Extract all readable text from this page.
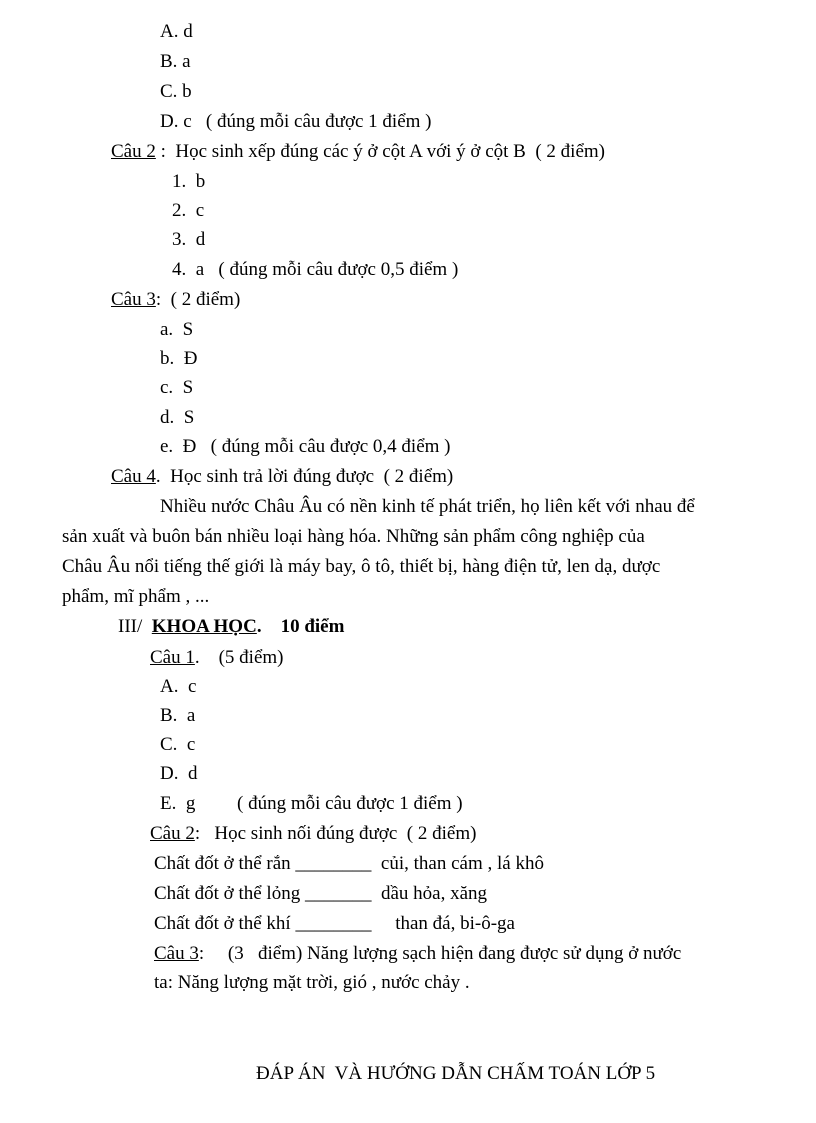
A. d
B. a
C. b
D. c   ( đúng mỗi câu được 1 điểm )
Câu 2 :  Học sinh xếp đúng các ý ở cột A với ý ở cột B  ( 2 điểm)
1.  b
2.  c
3.  d
4.  a   ( đúng mỗi câu được 0,5 điểm )
Câu 3:  ( 2 điểm)
a.  S
b.  Đ
c.  S
d.  S
e.  Đ   ( đúng mỗi câu được 0,4 điểm )
Câu 4.  Học sinh trả lời đúng được  ( 2 điểm)
Nhiều nước Châu Âu có nền kinh tế phát triển, họ liên kết với nhau để
sản xuất và buôn bán nhiều loại hàng hóa. Những sản phẩm công nghiệp của
Châu Âu nổi tiếng thế giới là máy bay, ô tô, thiết bị, hàng điện tử, len dạ, dược
phẩm, mĩ phẩm , ...
III/  KHOA HỌC.    10 điểm
Câu 1.    (5 điểm)
A.  c
B.  a
C.  c
D.  d
E.  g ( đúng mỗi câu được 1 điểm )
Câu 2:   Học sinh nối đúng được  ( 2 điểm)
Chất đốt ở thể rắn ________  củi, than cám , lá khô
Chất đốt ở thể lỏng _______  dầu hỏa, xăng
Chất đốt ở thể khí ________     than đá, bi-ô-ga
Câu 3:     (3   điểm) Năng lượng sạch hiện đang được sử dụng ở nước
ta: Năng lượng mặt trời, gió , nước chảy .
ĐÁP ÁN  VÀ HƯỚNG DẪN CHẤM TOÁN LỚP 5
